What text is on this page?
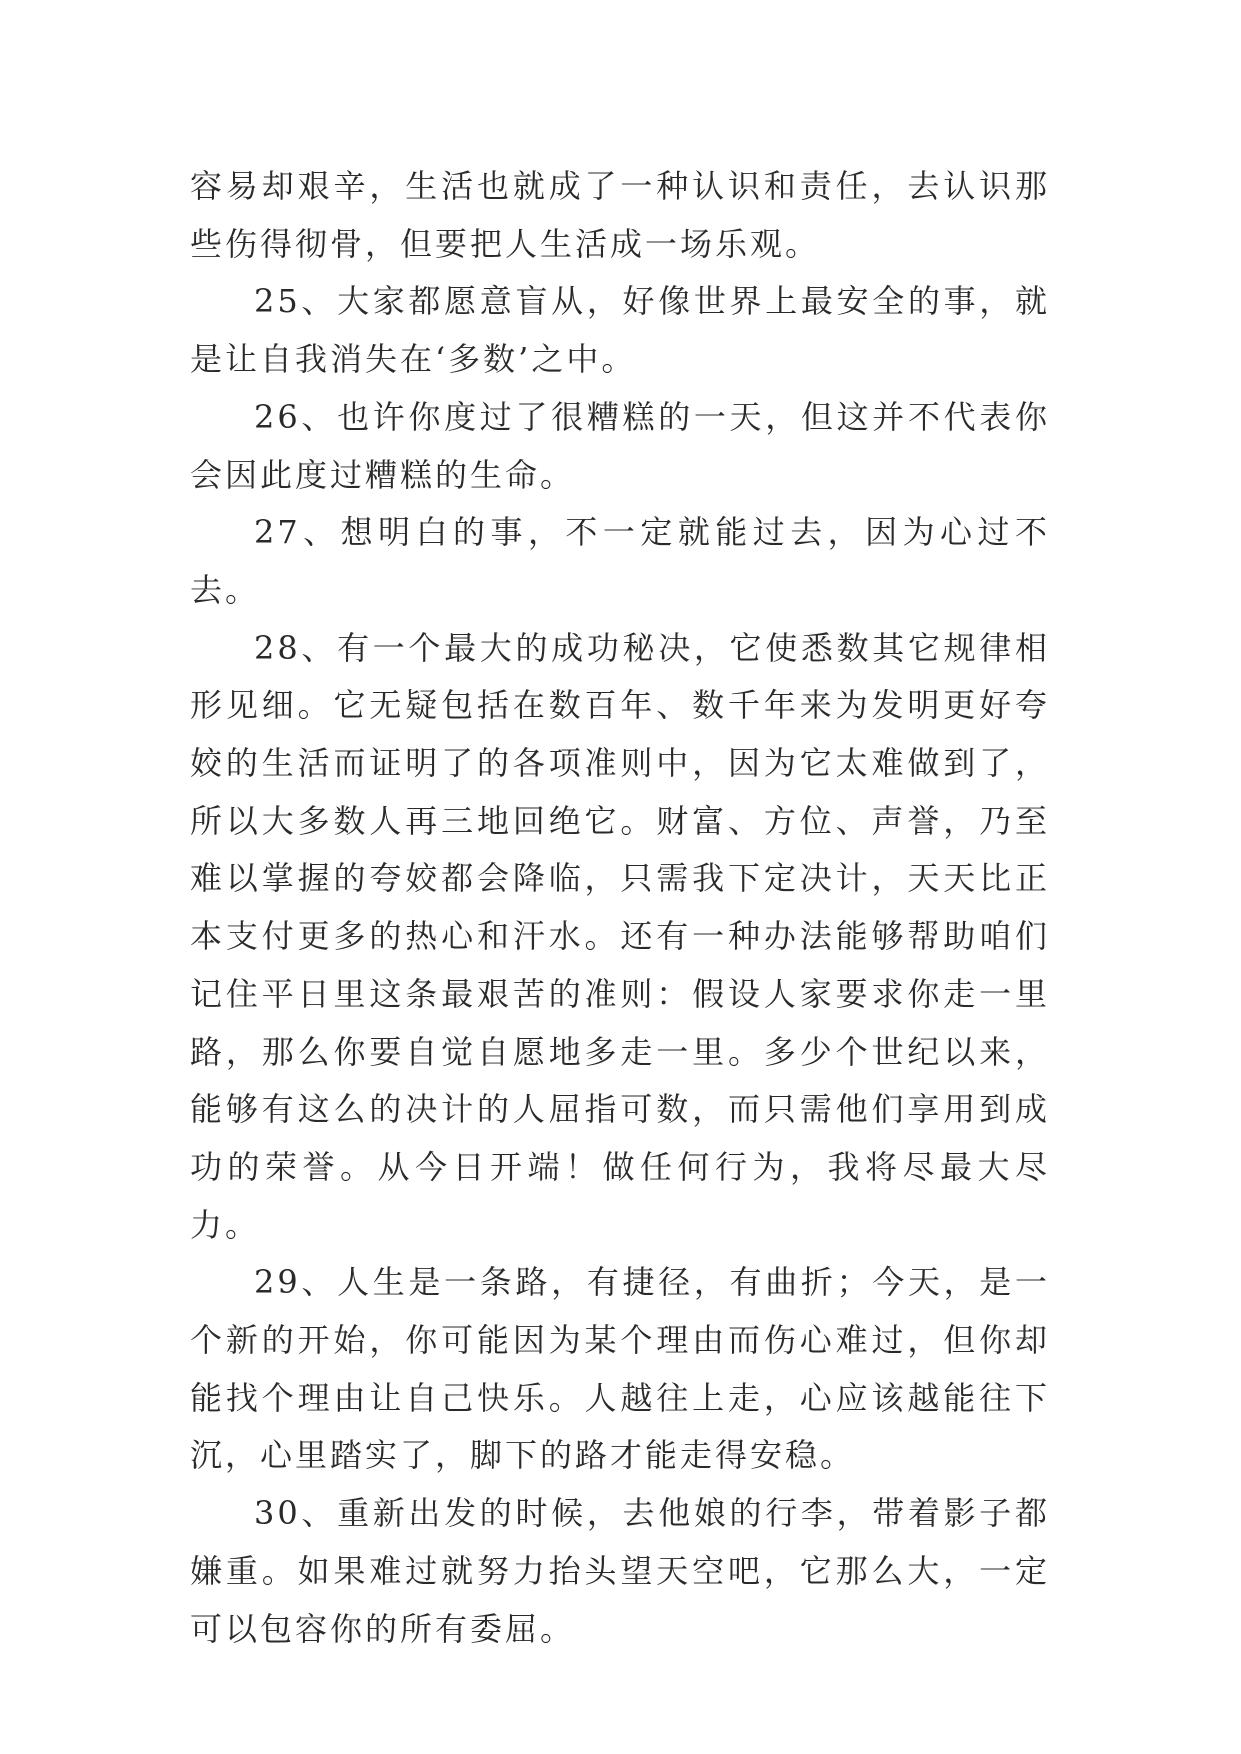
容易却艰辛，生活也就成了一种认识和责任，去认识那些伤得彻骨，但要把人生活成一场乐观。

25、大家都愿意盲从，好像世界上最安全的事，就是让自我消失在‘多数’之中。

26、也许你度过了很糟糕的一天，但这并不代表你会因此度过糟糕的生命。

27、想明白的事，不一定就能过去，因为心过不去。

28、有一个最大的成功秘决，它使悉数其它规律相形见细。它无疑包括在数百年、数千年来为发明更好夸姣的生活而证明了的各项准则中，因为它太难做到了，所以大多数人再三地回绝它。财富、方位、声誉，乃至难以掌握的夸姣都会降临，只需我下定决计，天天比正本支付更多的热心和汗水。还有一种办法能够帮助咱们记住平日里这条最艰苦的准则：假设人家要求你走一里路，那么你要自觉自愿地多走一里。多少个世纪以来，能够有这么的决计的人屈指可数，而只需他们享用到成功的荣誉。从今日开端！做任何行为，我将尽最大尽力。

29、人生是一条路，有捷径，有曲折；今天，是一个新的开始，你可能因为某个理由而伤心难过，但你却能找个理由让自己快乐。人越往上走，心应该越能往下沉，心里踏实了，脚下的路才能走得安稳。

30、重新出发的时候，去他娘的行李，带着影子都嫌重。如果难过就努力抬头望天空吧，它那么大，一定可以包容你的所有委屈。
